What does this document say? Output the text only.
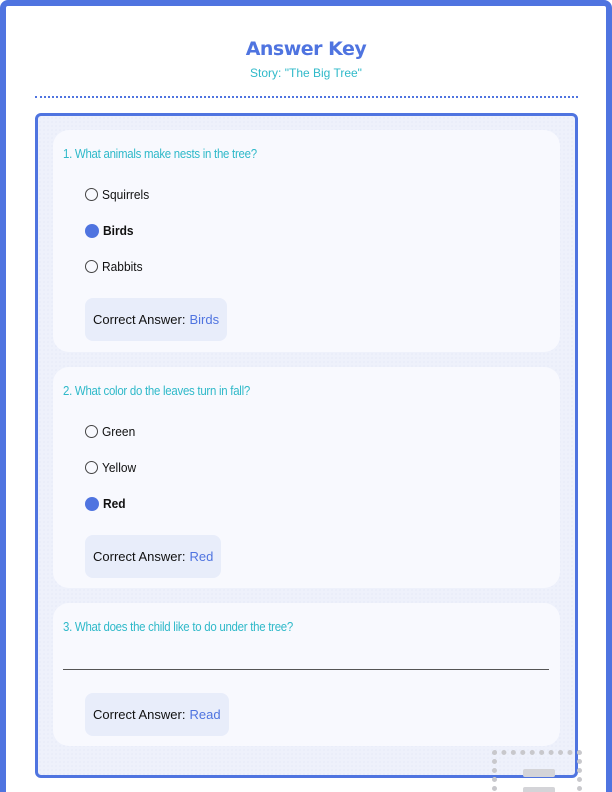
Answer Key
Story: "The Big Tree"
1. What animals make nests in the tree?
Squirrels
Birds
Rabbits
Correct Answer: Birds
2. What color do the leaves turn in fall?
Green
Yellow
Red
Correct Answer: Red
3. What does the child like to do under the tree?
Correct Answer: Read
